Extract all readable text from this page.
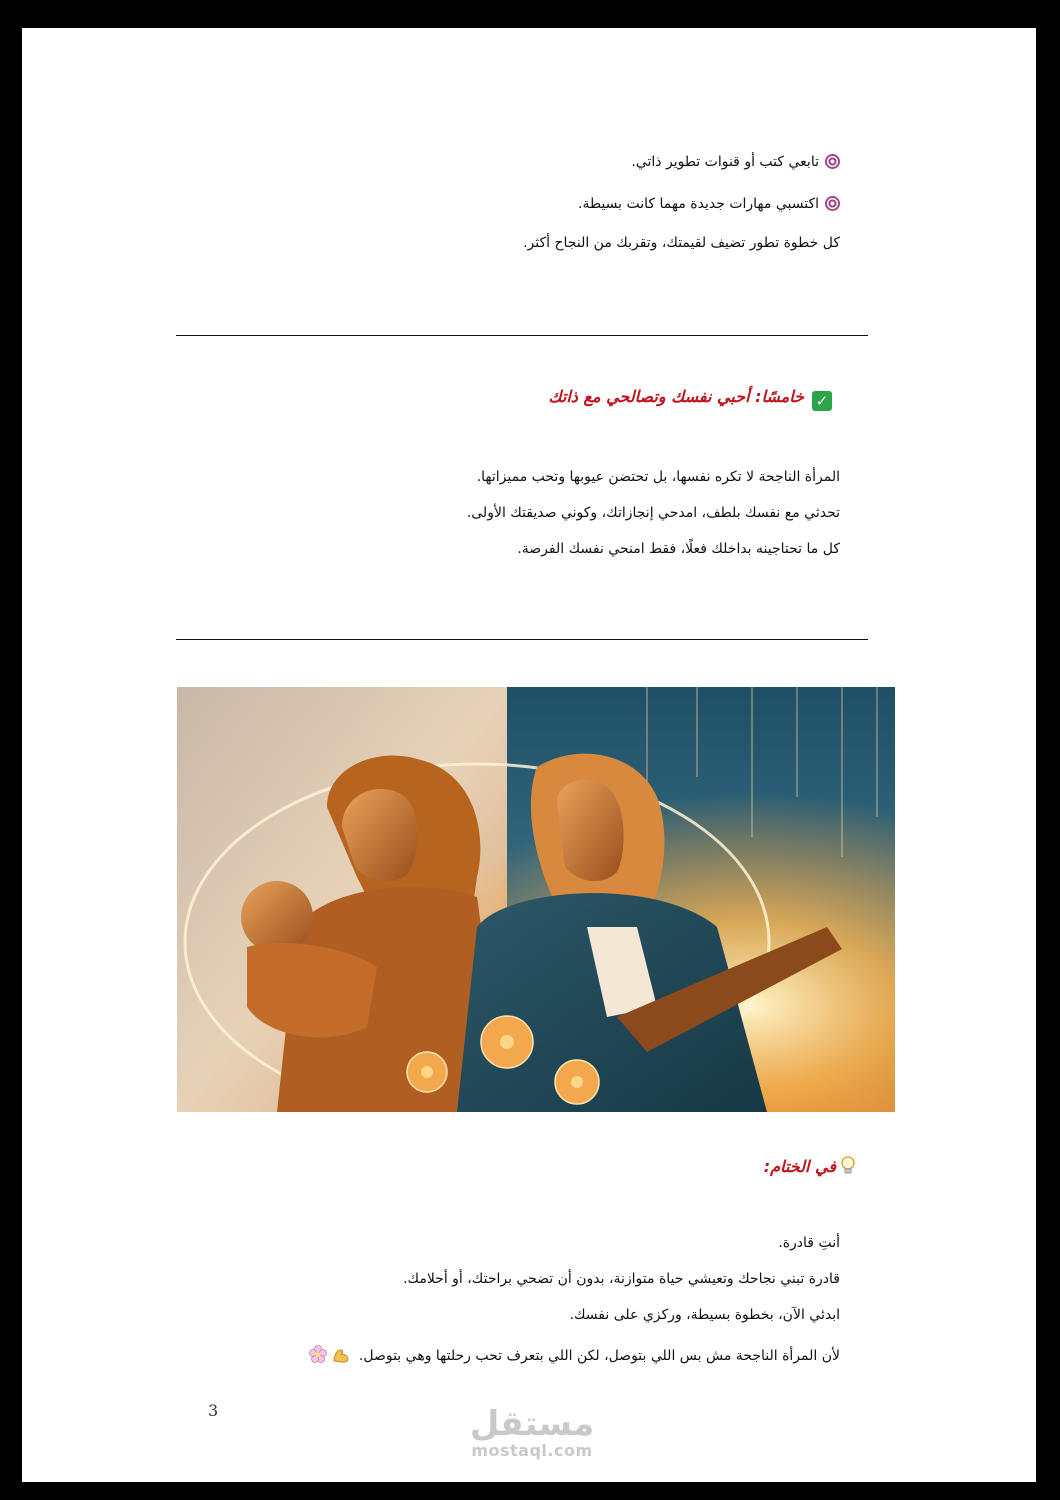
تابعي كتب أو قنوات تطوير ذاتي.
اكتسبي مهارات جديدة مهما كانت بسيطة.
كل خطوة تطور تضيف لقيمتك، وتقربك من النجاح أكثر.
✓خامسًا: أحبي نفسك وتصالحي مع ذاتك
المرأة الناجحة لا تكره نفسها، بل تحتضن عيوبها وتحب مميزاتها.
تحدثي مع نفسك بلطف، امدحي إنجازاتك، وكوني صديقتك الأولى.
كل ما تحتاجينه بداخلك فعلًا، فقط امنحي نفسك الفرصة.
في الختام:
أنتِ قادرة.
قادرة تبني نجاحك وتعيشي حياة متوازنة، بدون أن تضحي براحتك، أو أحلامك.
ابدئي الآن، بخطوة بسيطة، وركزي على نفسك.
لأن المرأة الناجحة مش بس اللي بتوصل، لكن اللي بتعرف تحب رحلتها وهي بتوصل.
3	مستقل
mostaql.com
